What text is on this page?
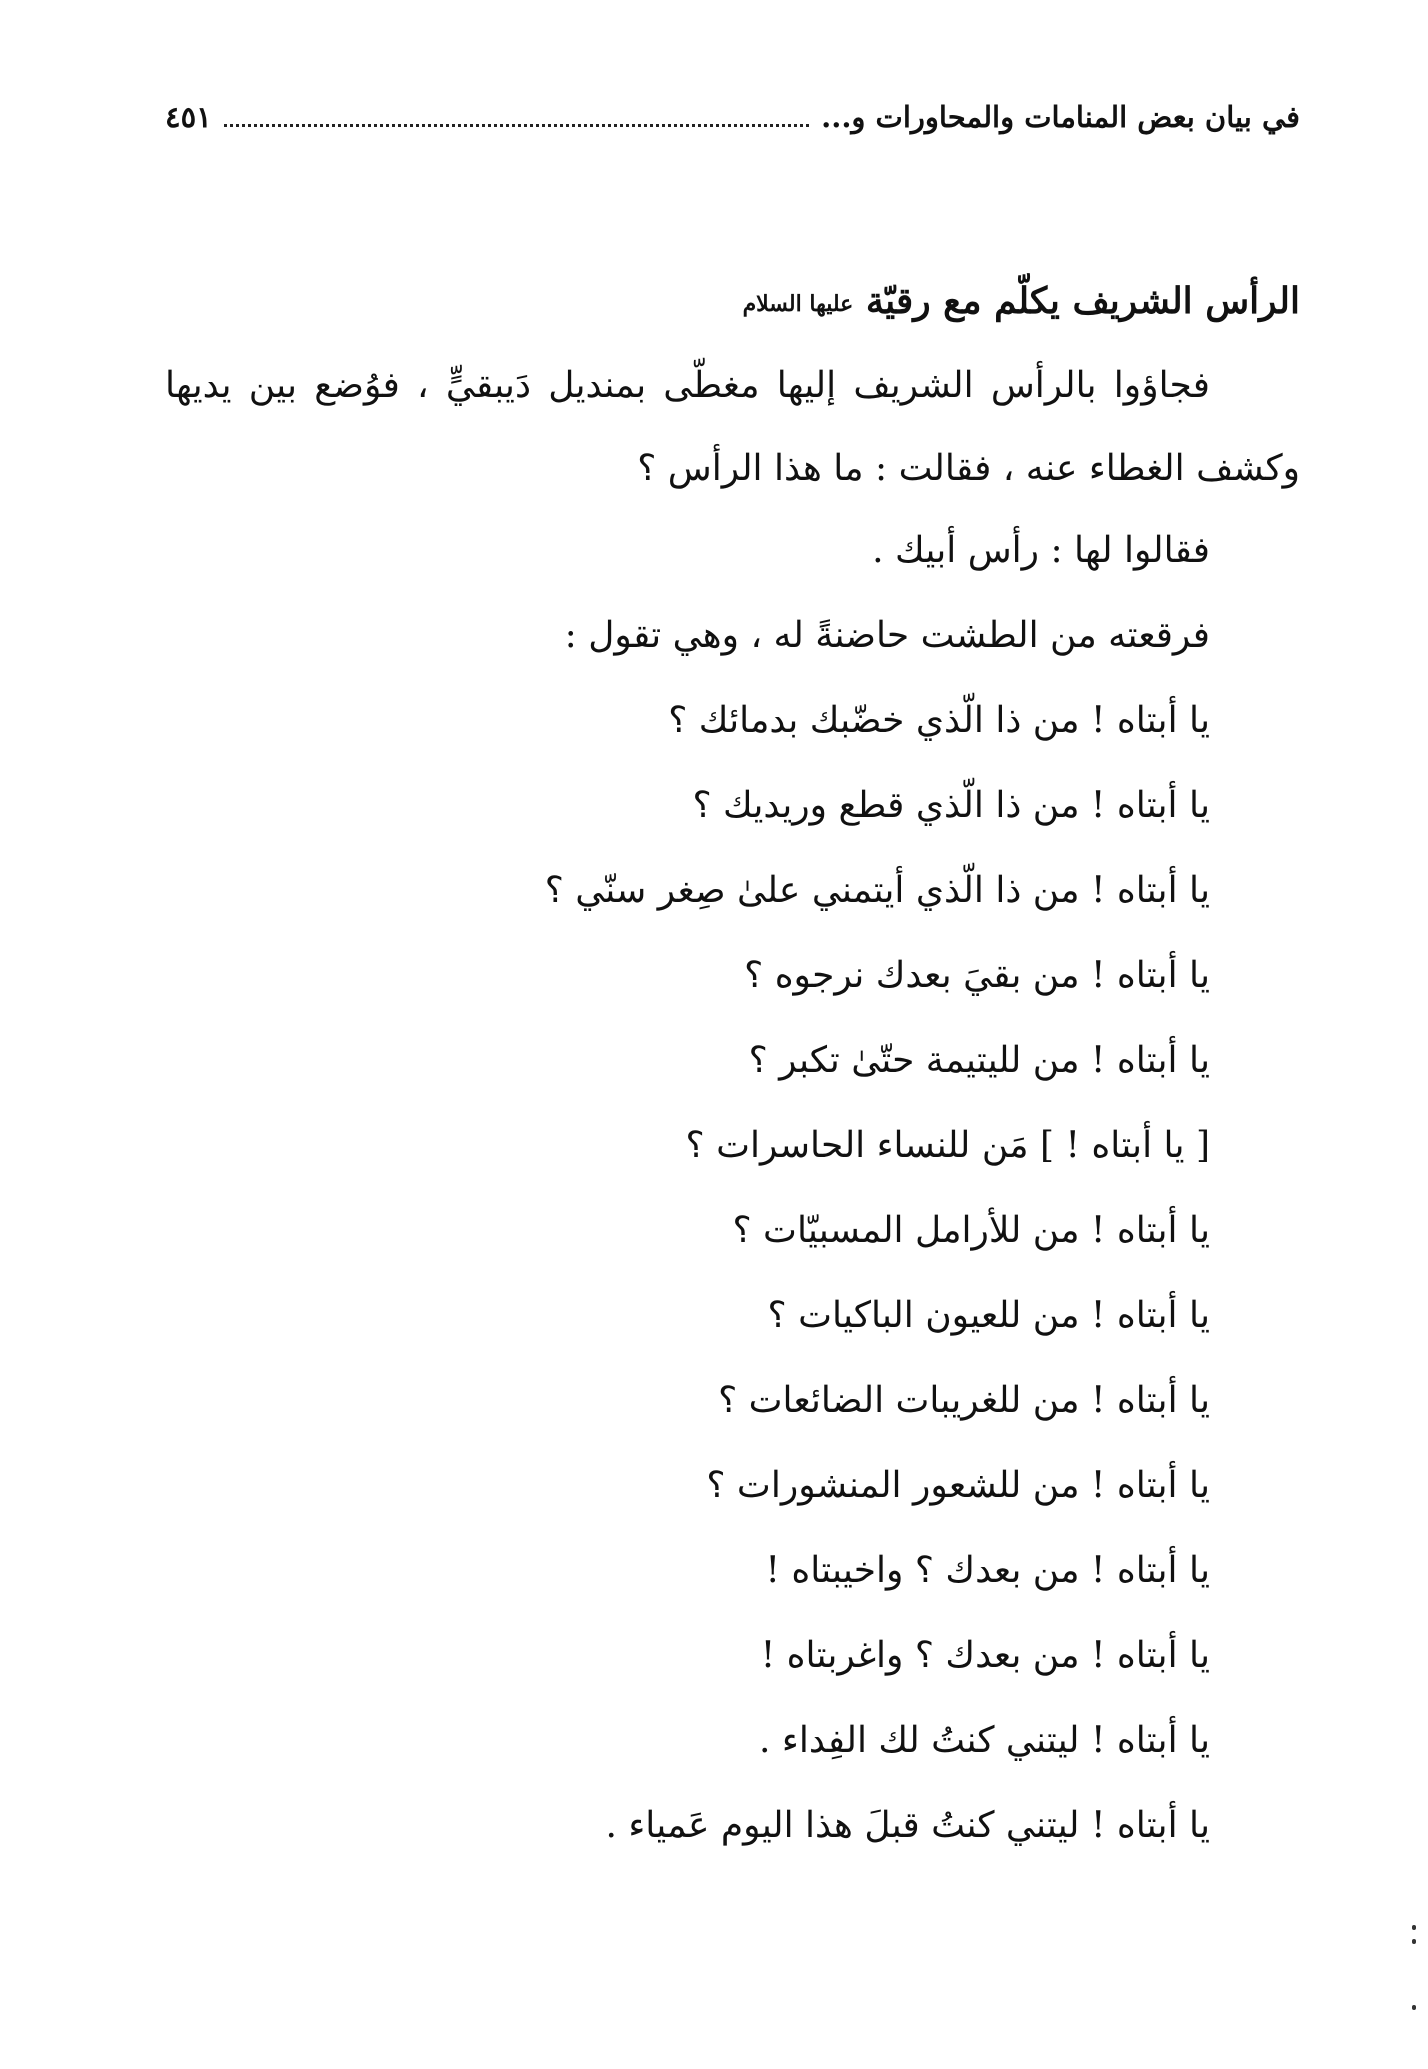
في بيان بعض المنامات والمحاورات و...
٤٥١
الرأس الشريف يكلّم مع رقيّة عليها السلام
فجاؤوا بالرأس الشريف إليها مغطّى بمنديل دَيبقيٍّ ، فوُضع بين يديها
وكشف الغطاء عنه ، فقالت : ما هذا الرأس ؟
فقالوا لها : رأس أبيك .
فرقعته من الطشت حاضنةً له ، وهي تقول :
يا أبتاه ! من ذا الّذي خضّبك بدمائك ؟
يا أبتاه ! من ذا الّذي قطع وريديك ؟
يا أبتاه ! من ذا الّذي أيتمني علىٰ صِغر سنّي ؟
يا أبتاه ! من بقيَ بعدك نرجوه ؟
يا أبتاه ! من لليتيمة حتّىٰ تكبر ؟
[ يا أبتاه ! ] مَن للنساء الحاسرات ؟
يا أبتاه ! من للأرامل المسبيّات ؟
يا أبتاه ! من للعيون الباكيات ؟
يا أبتاه ! من للغريبات الضائعات ؟
يا أبتاه ! من للشعور المنشورات ؟
يا أبتاه ! من بعدك ؟ واخيبتاه !
يا أبتاه ! من بعدك ؟ واغربتاه !
يا أبتاه ! ليتني كنتُ لك الفِداء .
يا أبتاه ! ليتني كنتُ قبلَ هذا اليوم عَمياء .
